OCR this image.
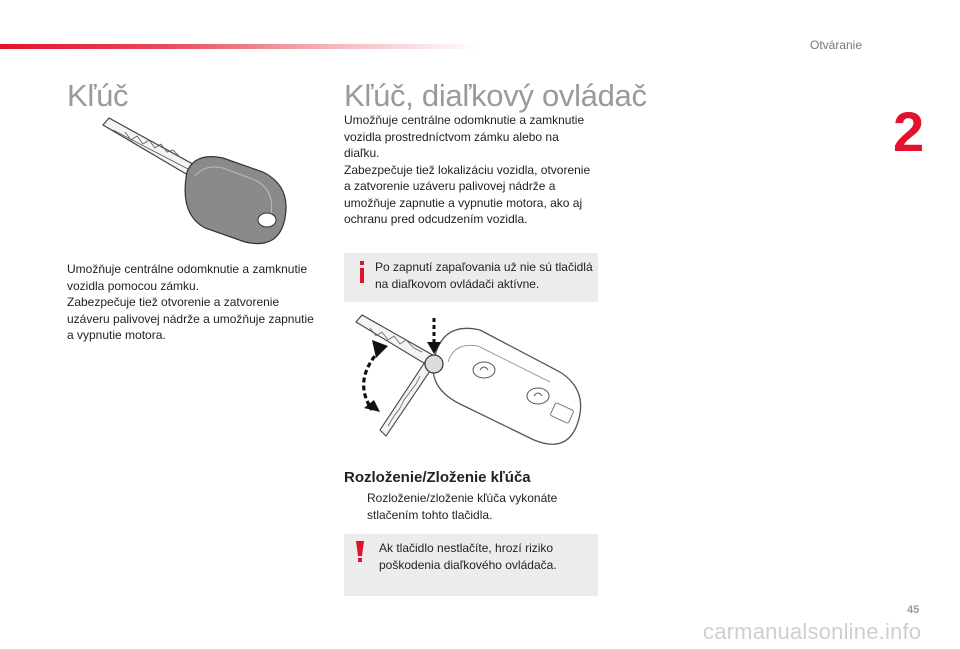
Otváranie
2
Kľúč
Umožňuje centrálne odomknutie a zamknutie
vozidla pomocou zámku.
Zabezpečuje tiež otvorenie a zatvorenie
uzáveru palivovej nádrže a umožňuje zapnutie
a vypnutie motora.
Kľúč, diaľkový ovládač
Umožňuje centrálne odomknutie a zamknutie
vozidla prostredníctvom zámku alebo na
diaľku.
Zabezpečuje tiež lokalizáciu vozidla, otvorenie
a zatvorenie uzáveru palivovej nádrže a
umožňuje zapnutie a vypnutie motora, ako aj
ochranu pred odcudzením vozidla.
Po zapnutí zapaľovania už nie sú tlačidlá
na diaľkovom ovládači aktívne.
Rozloženie/Zloženie kľúča
Rozloženie/zloženie kľúča vykonáte
stlačením tohto tlačidla.
Ak tlačidlo nestlačíte, hrozí riziko
poškodenia diaľkového ovládača.
45
carmanualsonline.info
